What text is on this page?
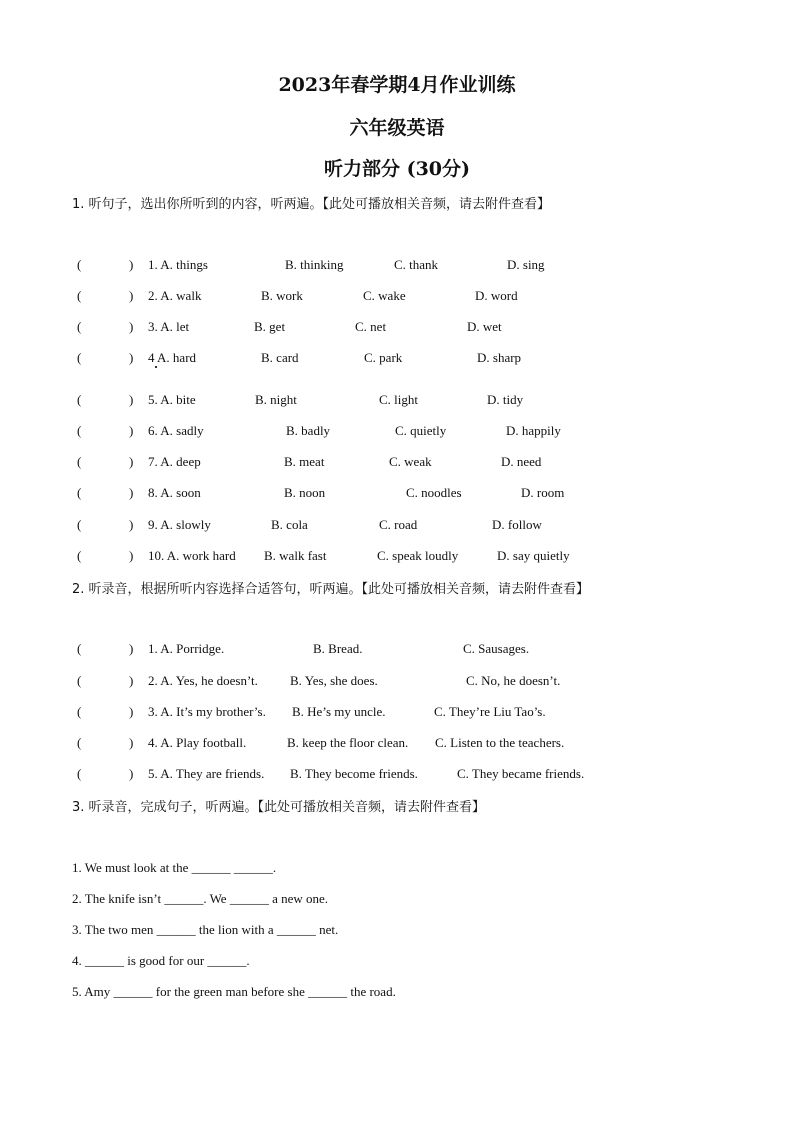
2023年春学期4月作业训练
六年级英语
听力部分 (30分)
1. 听句子，选出你所听到的内容，听两遍。【此处可播放相关音频，请去附件查看】
(	) 1. A. things	B. thinking	C. thank	D. sing
(	) 2. A. walk	B. work	C. wake	D. word
(	) 3. A. let	B. get	C. net	D. wet
(	) 4 A. hard	B. card	C. park	D. sharp
(	) 5. A. bite	B. night	C. light	D. tidy
(	) 6. A. sadly	B. badly	C. quietly	D. happily
(	) 7. A. deep	B. meat	C. weak	D. need
(	) 8. A. soon	B. noon	C. noodles	D. room
(	) 9. A. slowly	B. cola	C. road	D. follow
(	) 10. A. work hard B. walk fast	C. speak loudly	D. say quietly
2. 听录音，根据所听内容选择合适答句，听两遍。【此处可播放相关音频，请去附件查看】
(	) 1. A. Porridge.	B. Bread.	C. Sausages.
(	) 2. A. Yes, he doesn’t. B. Yes, she does.	C. No, he doesn’t.
(	) 3. A. It’s my brother’s. B. He’s my uncle.	C. They’re Liu Tao’s.
(	) 4. A. Play football.	B. keep the floor clean. C. Listen to the teachers.
(	) 5. A. They are friends. B. They become friends.	C. They became friends.
3. 听录音，完成句子，听两遍。【此处可播放相关音频，请去附件查看】
1. We must look at the ______ ______.
2. The knife isn’t ______. We ______ a new one.
3. The two men ______ the lion with a ______ net.
4. ______ is good for our ______.
5. Amy ______ for the green man before she ______ the road.
